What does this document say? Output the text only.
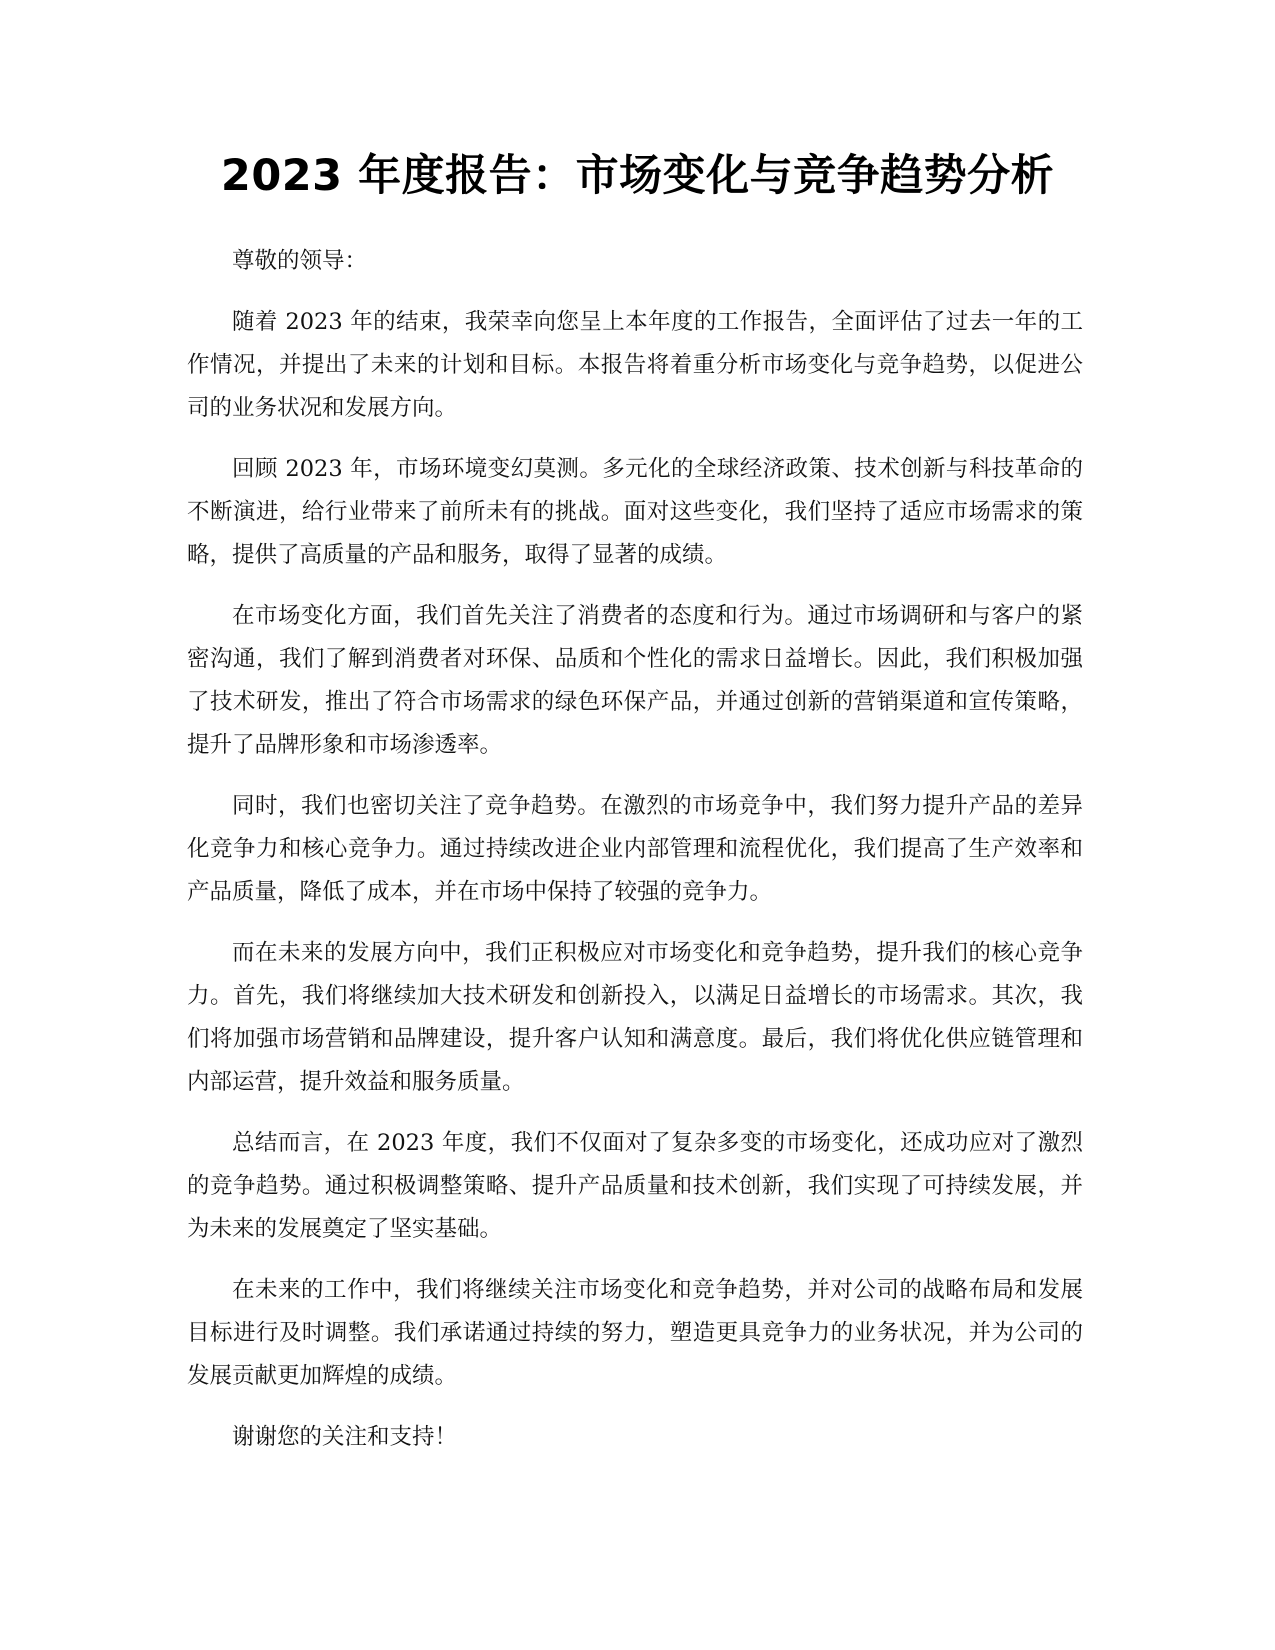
2023 年度报告：市场变化与竞争趋势分析

尊敬的领导：

随着 2023 年的结束，我荣幸向您呈上本年度的工作报告，全面评估了过去一年的工作情况，并提出了未来的计划和目标。本报告将着重分析市场变化与竞争趋势，以促进公司的业务状况和发展方向。

回顾 2023 年，市场环境变幻莫测。多元化的全球经济政策、技术创新与科技革命的不断演进，给行业带来了前所未有的挑战。面对这些变化，我们坚持了适应市场需求的策略，提供了高质量的产品和服务，取得了显著的成绩。

在市场变化方面，我们首先关注了消费者的态度和行为。通过市场调研和与客户的紧密沟通，我们了解到消费者对环保、品质和个性化的需求日益增长。因此，我们积极加强了技术研发，推出了符合市场需求的绿色环保产品，并通过创新的营销渠道和宣传策略，提升了品牌形象和市场渗透率。

同时，我们也密切关注了竞争趋势。在激烈的市场竞争中，我们努力提升产品的差异化竞争力和核心竞争力。通过持续改进企业内部管理和流程优化，我们提高了生产效率和产品质量，降低了成本，并在市场中保持了较强的竞争力。

而在未来的发展方向中，我们正积极应对市场变化和竞争趋势，提升我们的核心竞争力。首先，我们将继续加大技术研发和创新投入，以满足日益增长的市场需求。其次，我们将加强市场营销和品牌建设，提升客户认知和满意度。最后，我们将优化供应链管理和内部运营，提升效益和服务质量。

总结而言，在 2023 年度，我们不仅面对了复杂多变的市场变化，还成功应对了激烈的竞争趋势。通过积极调整策略、提升产品质量和技术创新，我们实现了可持续发展，并为未来的发展奠定了坚实基础。

在未来的工作中，我们将继续关注市场变化和竞争趋势，并对公司的战略布局和发展目标进行及时调整。我们承诺通过持续的努力，塑造更具竞争力的业务状况，并为公司的发展贡献更加辉煌的成绩。

谢谢您的关注和支持！
